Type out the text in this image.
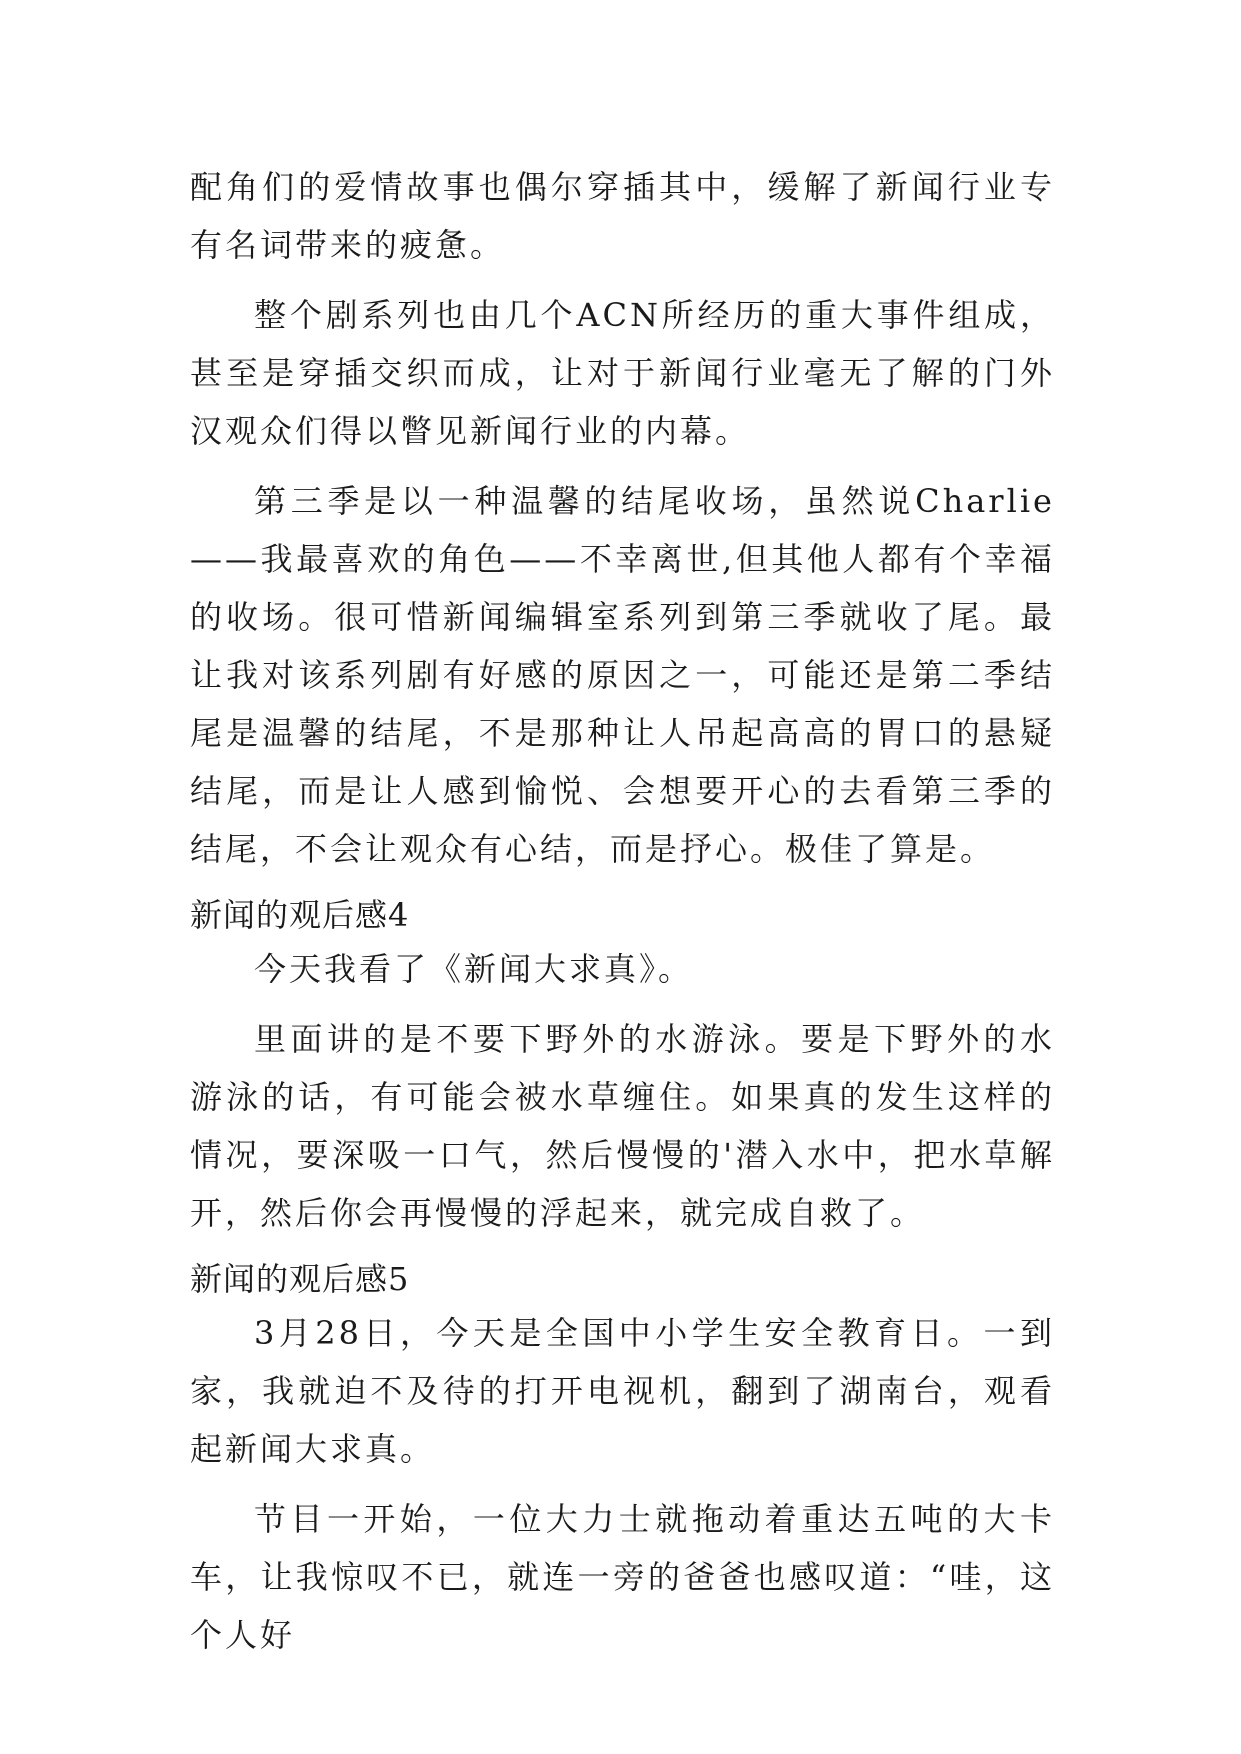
配角们的爱情故事也偶尔穿插其中，缓解了新闻行业专有名词带来的疲惫。

整个剧系列也由几个ACN所经历的重大事件组成，甚至是穿插交织而成，让对于新闻行业毫无了解的门外汉观众们得以瞥见新闻行业的内幕。

第三季是以一种温馨的结尾收场，虽然说Charlie——我最喜欢的角色——不幸离世,但其他人都有个幸福的收场。很可惜新闻编辑室系列到第三季就收了尾。最让我对该系列剧有好感的原因之一，可能还是第二季结尾是温馨的结尾，不是那种让人吊起高高的胃口的悬疑结尾，而是让人感到愉悦、会想要开心的去看第三季的结尾，不会让观众有心结，而是抒心。极佳了算是。

新闻的观后感4

今天我看了《新闻大求真》。

里面讲的是不要下野外的水游泳。要是下野外的水游泳的话，有可能会被水草缠住。如果真的发生这样的情况，要深吸一口气，然后慢慢的'潜入水中，把水草解开，然后你会再慢慢的浮起来，就完成自救了。

新闻的观后感5

3月28日，今天是全国中小学生安全教育日。一到家，我就迫不及待的打开电视机，翻到了湖南台，观看起新闻大求真。

节目一开始，一位大力士就拖动着重达五吨的大卡车，让我惊叹不已，就连一旁的爸爸也感叹道：“哇，这个人好
